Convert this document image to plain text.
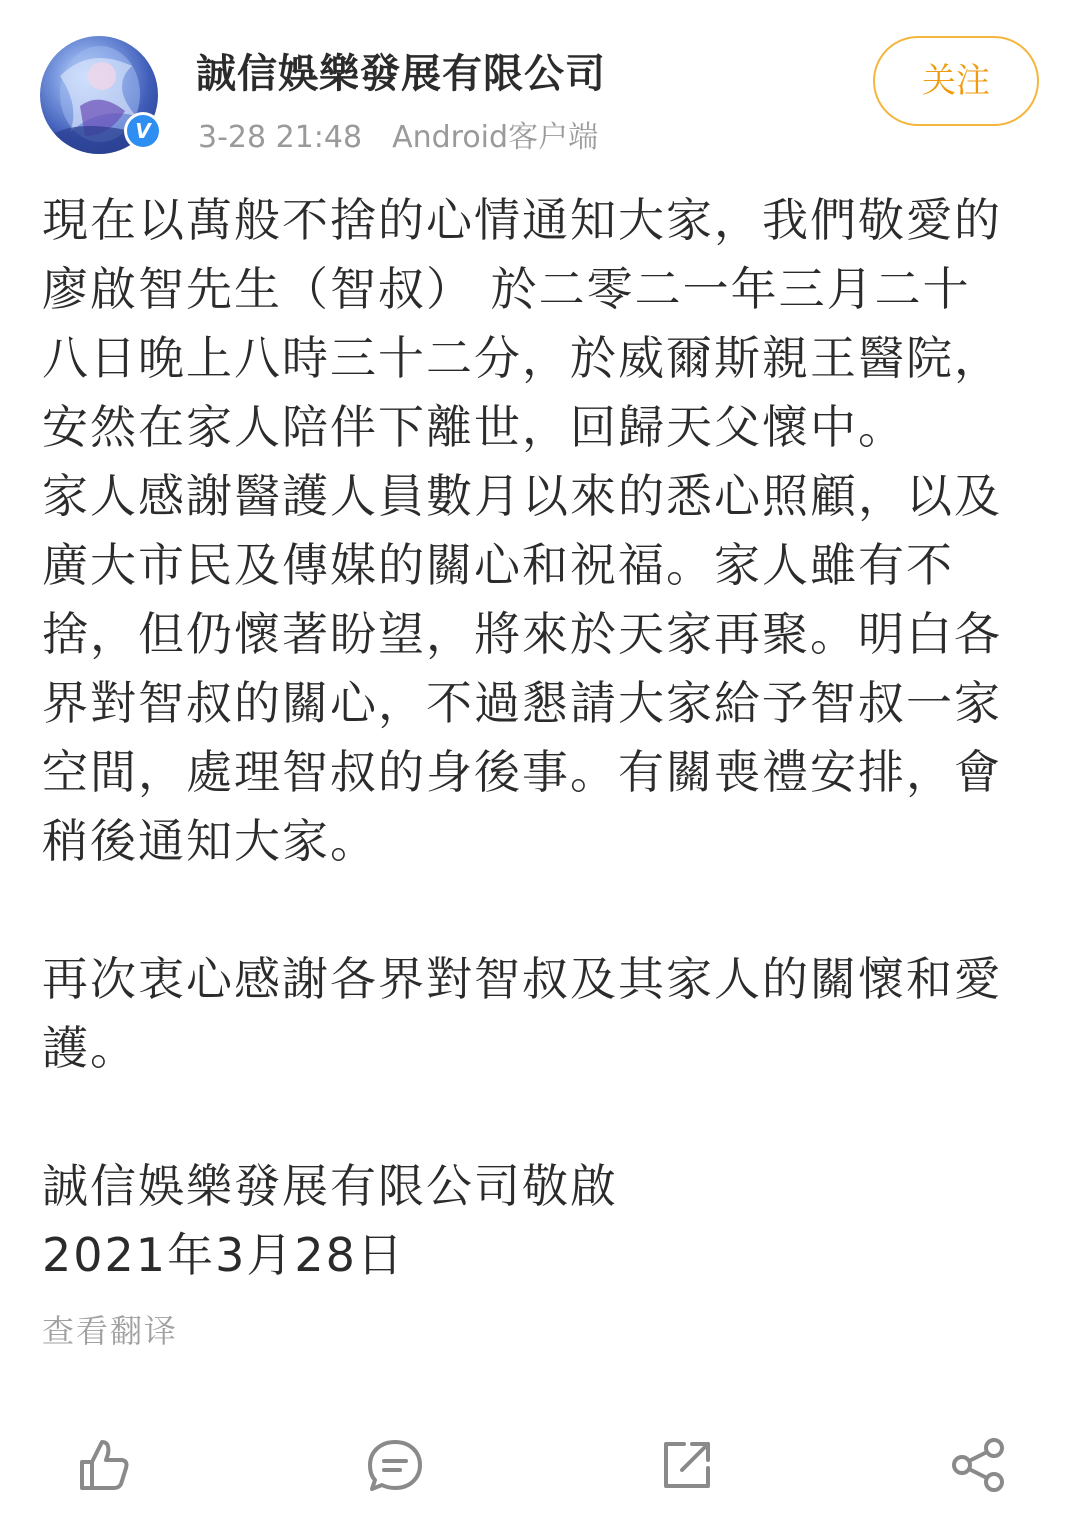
V
誠信娛樂發展有限公司
3-28 21:48 Android客户端
关注

現在以萬般不捨的心情通知大家，我們敬愛的

廖啟智先生（智叔） 於二零二一年三月二十

八日晚上八時三十二分，於威爾斯親王醫院，

安然在家人陪伴下離世，回歸天父懷中。

家人感謝醫護人員數月以來的悉心照顧，以及

廣大市民及傳媒的關心和祝福。家人雖有不

捨，但仍懷著盼望，將來於天家再聚。明白各

界對智叔的關心，不過懇請大家給予智叔一家

空間，處理智叔的身後事。有關喪禮安排，會

稍後通知大家。

再次衷心感謝各界對智叔及其家人的關懷和愛

護。

誠信娛樂發展有限公司敬啟

2021年3月28日

查看翻译
